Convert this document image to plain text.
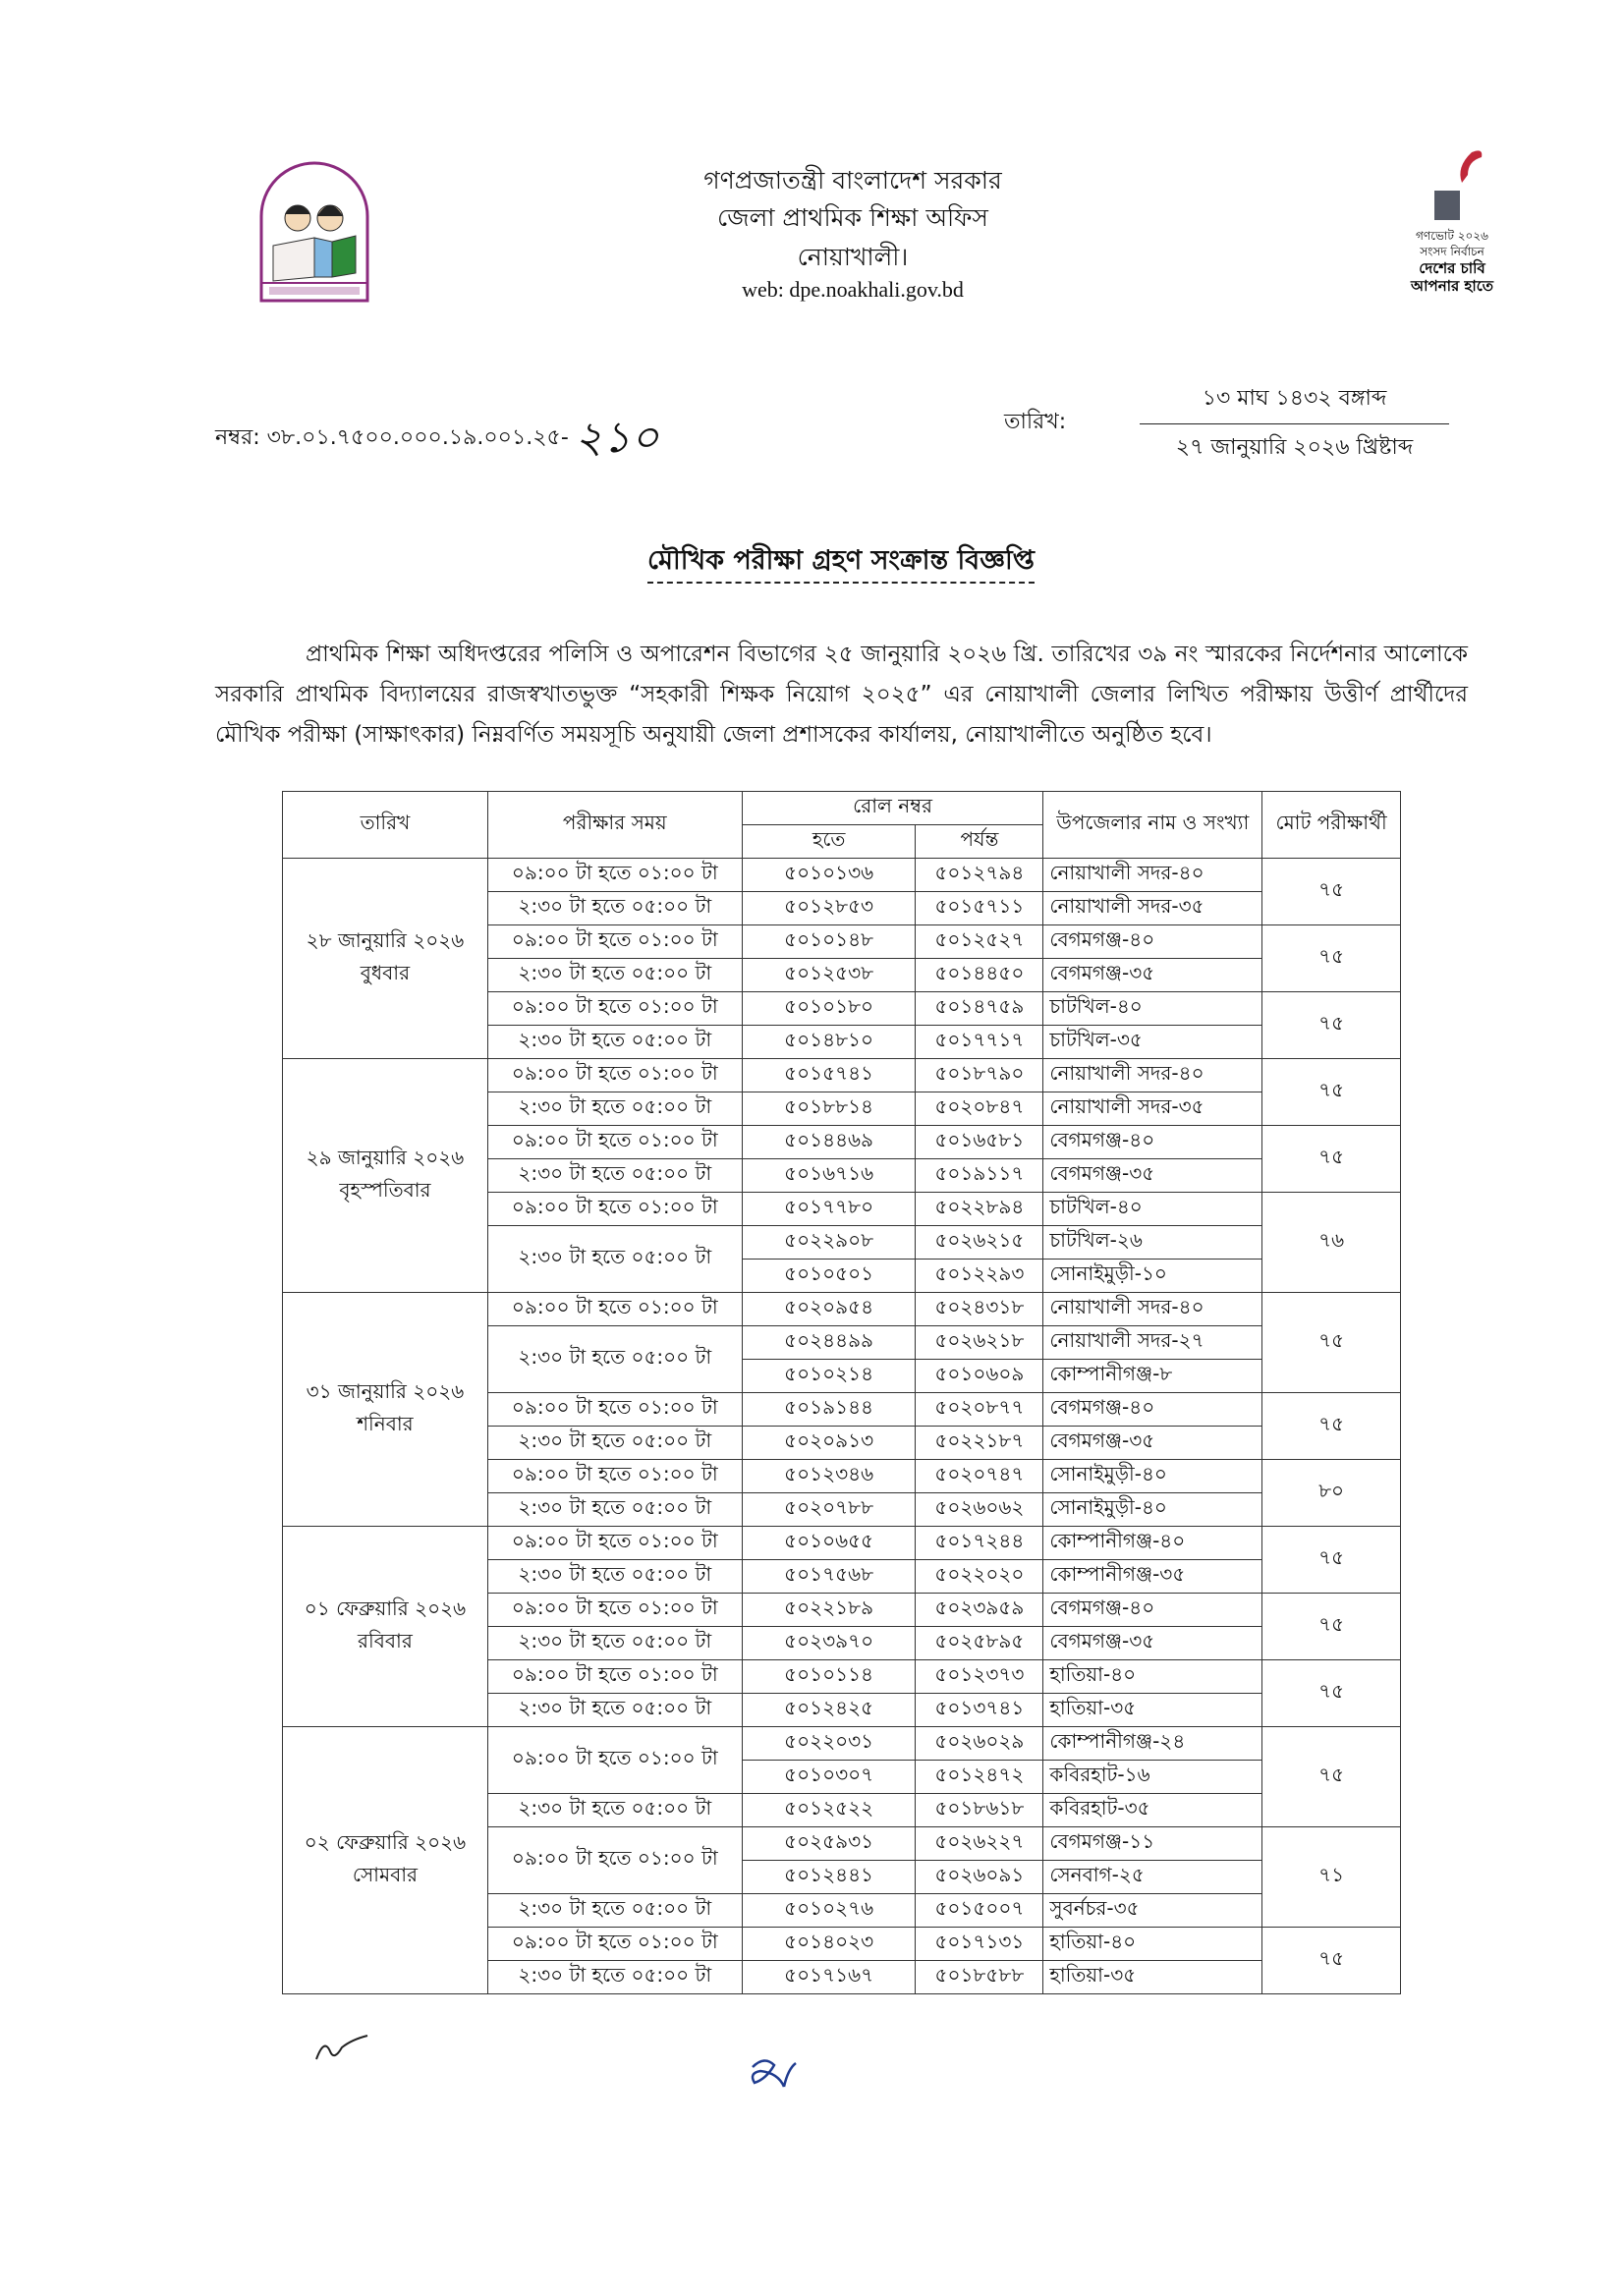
গণপ্রজাতন্ত্রী বাংলাদেশ সরকার
জেলা প্রাথমিক শিক্ষা অফিস
নোয়াখালী।
web: dpe.noakhali.gov.bd
গণভোট ২০২৬
সংসদ নির্বাচন
দেশের চাবি
আপনার হাতে
নম্বর: ৩৮.০১.৭৫০০.০০০.১৯.০০১.২৫- ২১০	তারিখ:
১৩ মাঘ ১৪৩২ বঙ্গাব্দ
২৭ জানুয়ারি ২০২৬ খ্রিষ্টাব্দ
মৌখিক পরীক্ষা গ্রহণ সংক্রান্ত বিজ্ঞপ্তি
প্রাথমিক শিক্ষা অধিদপ্তরের পলিসি ও অপারেশন বিভাগের ২৫ জানুয়ারি ২০২৬ খ্রি. তারিখের ৩৯ নং স্মারকের নির্দেশনার আলোকে সরকারি প্রাথমিক বিদ্যালয়ের রাজস্বখাতভুক্ত “সহকারী শিক্ষক নিয়োগ ২০২৫” এর নোয়াখালী জেলার লিখিত পরীক্ষায় উত্তীর্ণ প্রার্থীদের মৌখিক পরীক্ষা (সাক্ষাৎকার) নিম্নবর্ণিত সময়সূচি অনুযায়ী জেলা প্রশাসকের কার্যালয়, নোয়াখালীতে অনুষ্ঠিত হবে।
তারিখ	পরীক্ষার সময়	রোল নম্বর		উপজেলার নাম ও সংখ্যা	মোট পরীক্ষার্থী
		হতে	পর্যন্ত		

২৮ জানুয়ারি ২০২৬
বুধবার	০৯:০০ টা হতে ০১:০০ টা	৫০১০১৩৬	৫০১২৭৯৪	নোয়াখালী সদর-৪০	৭৫
	২:৩০ টা হতে ০৫:০০ টা	৫০১২৮৫৩	৫০১৫৭১১	নোয়াখালী সদর-৩৫	
	০৯:০০ টা হতে ০১:০০ টা	৫০১০১৪৮	৫০১২৫২৭	বেগমগঞ্জ-৪০	৭৫
	২:৩০ টা হতে ০৫:০০ টা	৫০১২৫৩৮	৫০১৪৪৫০	বেগমগঞ্জ-৩৫	
	০৯:০০ টা হতে ০১:০০ টা	৫০১০১৮০	৫০১৪৭৫৯	চাটখিল-৪০	৭৫
	২:৩০ টা হতে ০৫:০০ টা	৫০১৪৮১০	৫০১৭৭১৭	চাটখিল-৩৫	

২৯ জানুয়ারি ২০২৬
বৃহস্পতিবার	০৯:০০ টা হতে ০১:০০ টা	৫০১৫৭৪১	৫০১৮৭৯০	নোয়াখালী সদর-৪০	৭৫
	২:৩০ টা হতে ০৫:০০ টা	৫০১৮৮১৪	৫০২০৮৪৭	নোয়াখালী সদর-৩৫	
	০৯:০০ টা হতে ০১:০০ টা	৫০১৪৪৬৯	৫০১৬৫৮১	বেগমগঞ্জ-৪০	৭৫
	২:৩০ টা হতে ০৫:০০ টা	৫০১৬৭১৬	৫০১৯১১৭	বেগমগঞ্জ-৩৫	
	০৯:০০ টা হতে ০১:০০ টা	৫০১৭৭৮০	৫০২২৮৯৪	চাটখিল-৪০	৭৬
	২:৩০ টা হতে ০৫:০০ টা	৫০২২৯০৮	৫০২৬২১৫	চাটখিল-২৬	
		৫০১০৫০১	৫০১২২৯৩	সোনাইমুড়ী-১০	

৩১ জানুয়ারি ২০২৬
শনিবার	০৯:০০ টা হতে ০১:০০ টা	৫০২০৯৫৪	৫০২৪৩১৮	নোয়াখালী সদর-৪০	৭৫
	২:৩০ টা হতে ০৫:০০ টা	৫০২৪৪৯৯	৫০২৬২১৮	নোয়াখালী সদর-২৭	
		৫০১০২১৪	৫০১০৬০৯	কোম্পানীগঞ্জ-৮	
	০৯:০০ টা হতে ০১:০০ টা	৫০১৯১৪৪	৫০২০৮৭৭	বেগমগঞ্জ-৪০	৭৫
	২:৩০ টা হতে ০৫:০০ টা	৫০২০৯১৩	৫০২২১৮৭	বেগমগঞ্জ-৩৫	
	০৯:০০ টা হতে ০১:০০ টা	৫০১২৩৪৬	৫০২০৭৪৭	সোনাইমুড়ী-৪০	৮০
	২:৩০ টা হতে ০৫:০০ টা	৫০২০৭৮৮	৫০২৬০৬২	সোনাইমুড়ী-৪০	

০১ ফেব্রুয়ারি ২০২৬
রবিবার	০৯:০০ টা হতে ০১:০০ টা	৫০১০৬৫৫	৫০১৭২৪৪	কোম্পানীগঞ্জ-৪০	৭৫
	২:৩০ টা হতে ০৫:০০ টা	৫০১৭৫৬৮	৫০২২০২০	কোম্পানীগঞ্জ-৩৫	
	০৯:০০ টা হতে ০১:০০ টা	৫০২২১৮৯	৫০২৩৯৫৯	বেগমগঞ্জ-৪০	৭৫
	২:৩০ টা হতে ০৫:০০ টা	৫০২৩৯৭০	৫০২৫৮৯৫	বেগমগঞ্জ-৩৫	
	০৯:০০ টা হতে ০১:০০ টা	৫০১০১১৪	৫০১২৩৭৩	হাতিয়া-৪০	৭৫
	২:৩০ টা হতে ০৫:০০ টা	৫০১২৪২৫	৫০১৩৭৪১	হাতিয়া-৩৫	

০২ ফেব্রুয়ারি ২০২৬
সোমবার	০৯:০০ টা হতে ০১:০০ টা	৫০২২০৩১	৫০২৬০২৯	কোম্পানীগঞ্জ-২৪	৭৫
		৫০১০৩০৭	৫০১২৪৭২	কবিরহাট-১৬	
	২:৩০ টা হতে ০৫:০০ টা	৫০১২৫২২	৫০১৮৬১৮	কবিরহাট-৩৫	
	০৯:০০ টা হতে ০১:০০ টা	৫০২৫৯৩১	৫০২৬২২৭	বেগমগঞ্জ-১১	৭১
		৫০১২৪৪১	৫০২৬০৯১	সেনবাগ-২৫	
	২:৩০ টা হতে ০৫:০০ টা	৫০১০২৭৬	৫০১৫০০৭	সুবর্নচর-৩৫	
	০৯:০০ টা হতে ০১:০০ টা	৫০১৪০২৩	৫০১৭১৩১	হাতিয়া-৪০	৭৫
	২:৩০ টা হতে ০৫:০০ টা	৫০১৭১৬৭	৫০১৮৫৮৮	হাতিয়া-৩৫	
